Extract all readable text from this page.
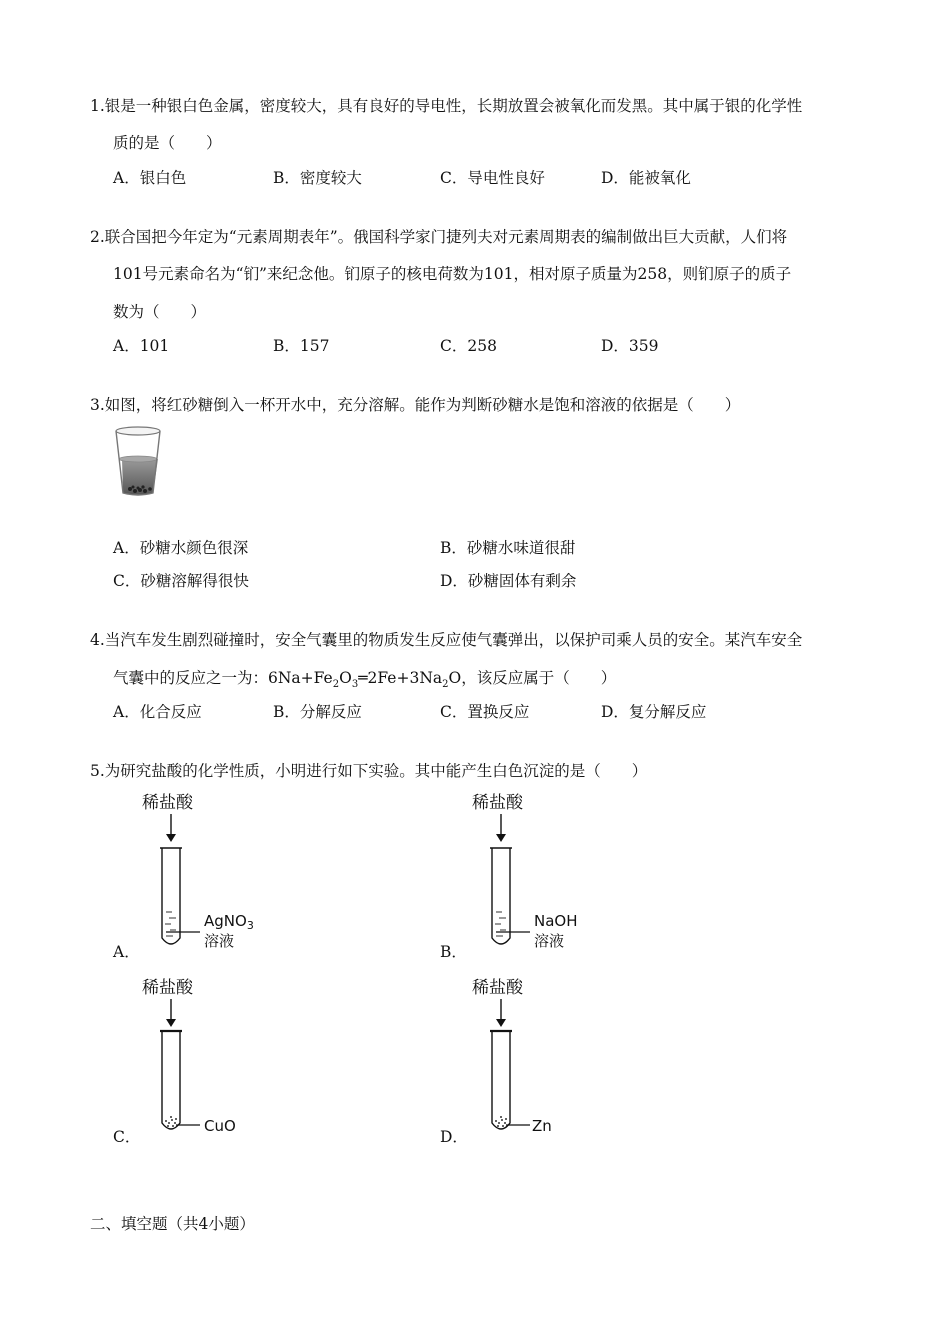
1.银是一种银白色金属，密度较大，具有良好的导电性，长期放置会被氧化而发黑。其中属于银的化学性
质的是（　　）
A．银白色	B．密度较大	C．导电性良好	D．能被氧化
2.联合国把今年定为“元素周期表年”。俄国科学家门捷列夫对元素周期表的编制做出巨大贡献，人们将
101号元素命名为“钔”来纪念他。钔原子的核电荷数为101，相对原子质量为258，则钔原子的质子
数为（　　）
A．101	B．157	C．258	D．359
3.如图，将红砂糖倒入一杯开水中，充分溶解。能作为判断砂糖水是饱和溶液的依据是（　　）
A．砂糖水颜色很深	B．砂糖水味道很甜
C．砂糖溶解得很快	D．砂糖固体有剩余
4.当汽车发生剧烈碰撞时，安全气囊里的物质发生反应使气囊弹出，以保护司乘人员的安全。某汽车安全
气囊中的反应之一为：$6Na+Fe_2O_3═2Fe+3Na_2O$，该反应属于（　　）
A．化合反应	B．分解反应	C．置换反应	D．复分解反应
5.为研究盐酸的化学性质，小明进行如下实验。其中能产生白色沉淀的是（　　）
稀盐酸
AgNO$_3$
溶液
A．
稀盐酸
NaOH
溶液
B．
稀盐酸
CuO
C．
稀盐酸
Zn
D．
二、填空题（共4小题）
